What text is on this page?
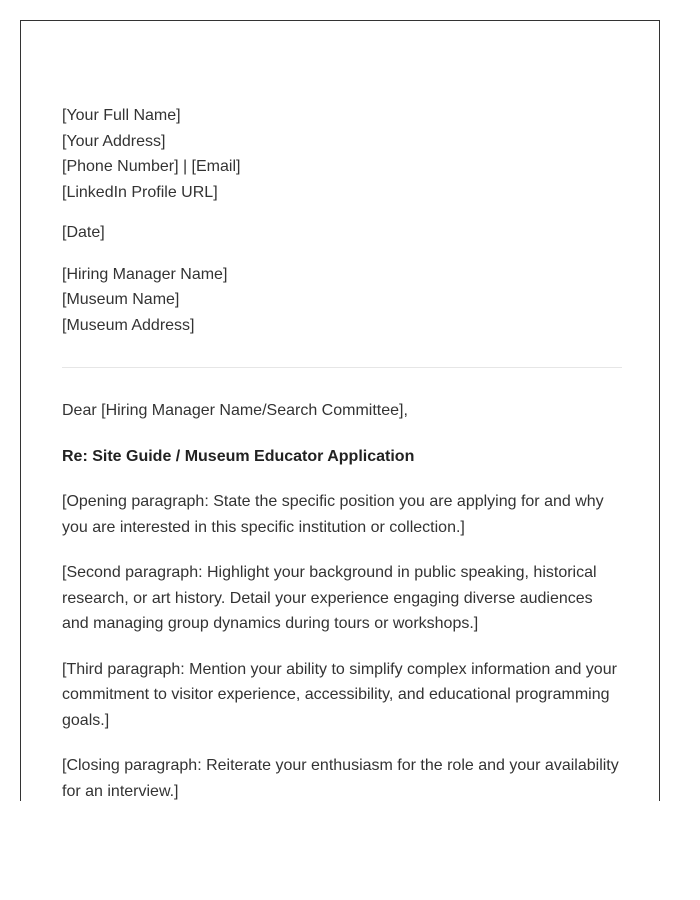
[Your Full Name]

[Your Address]

[Phone Number] | [Email]

[LinkedIn Profile URL]

[Date]

[Hiring Manager Name]

[Museum Name]

[Museum Address]

Dear [Hiring Manager Name/Search Committee],

Re: Site Guide / Museum Educator Application

[Opening paragraph: State the specific position you are applying for and why you are interested in this specific institution or collection.]

[Second paragraph: Highlight your background in public speaking, historical research, or art history. Detail your experience engaging diverse audiences and managing group dynamics during tours or workshops.]

[Third paragraph: Mention your ability to simplify complex information and your commitment to visitor experience, accessibility, and educational programming goals.]

[Closing paragraph: Reiterate your enthusiasm for the role and your availability for an interview.]
